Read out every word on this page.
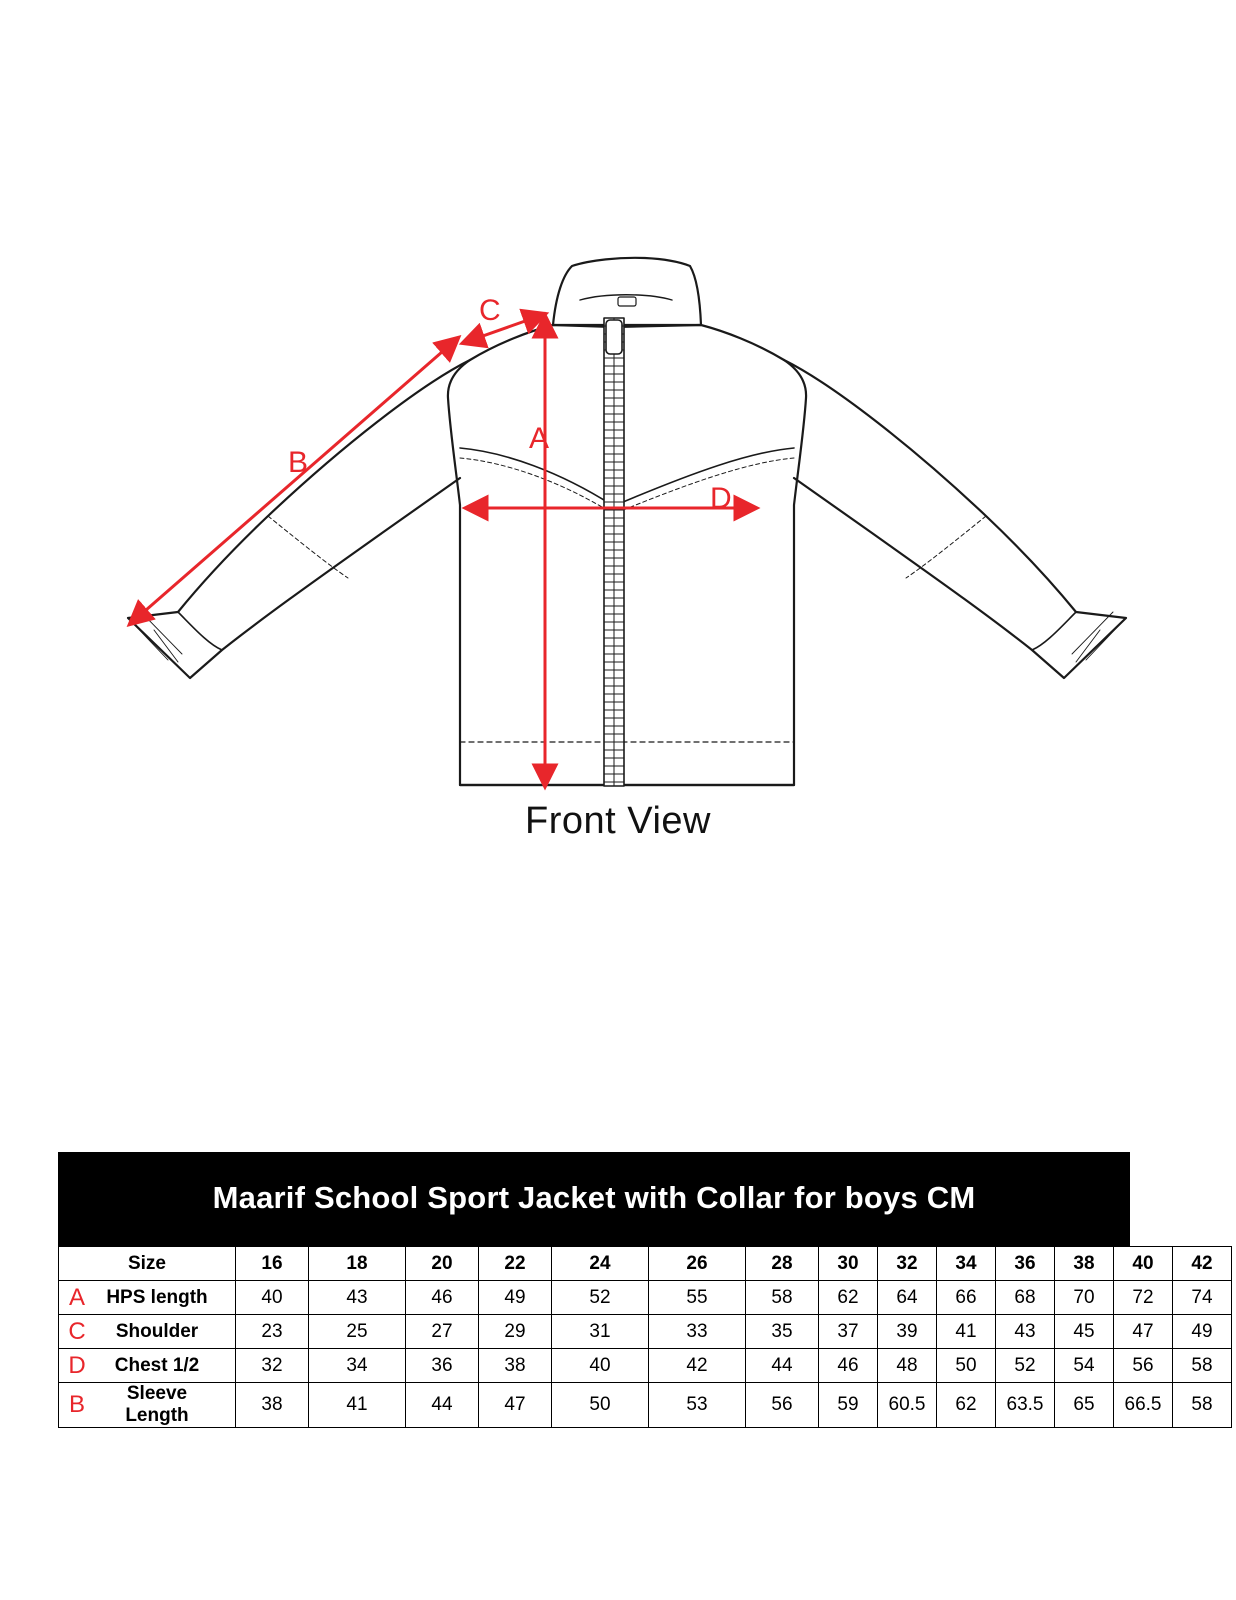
A
B
C
D
Front View
Maarif School Sport Jacket with Collar for boys CM
Size	16	18	20	22	24	26	28	30	32	34	36	38	40	42

A HPS length	40	43	46	49	52	55	58	62	64	66	68	70	72	74

C Shoulder	23	25	27	29	31	33	35	37	39	41	43	45	47	49

D Chest 1/2	32	34	36	38	40	42	44	46	48	50	52	54	56	58

B Sleeve Length	38	41	44	47	50	53	56	59	60.5	62	63.5	65	66.5	58
